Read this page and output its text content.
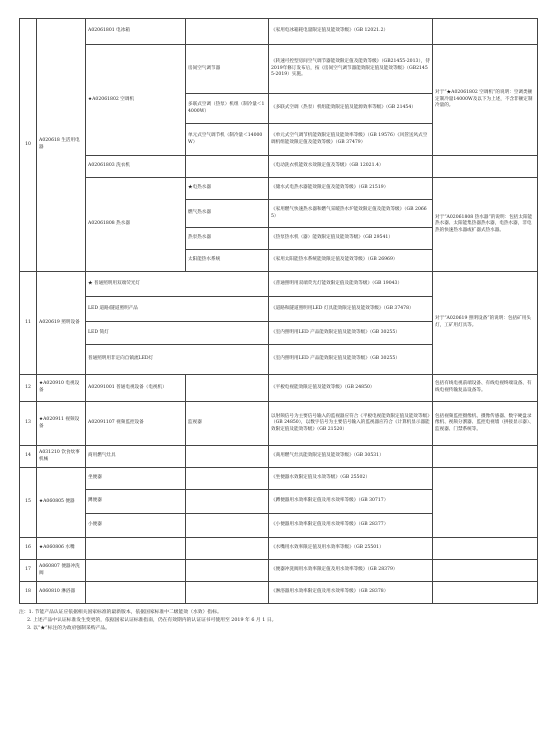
10	A020618 生活用电器	A02061801 电冰箱		《家用电冰箱耗电量限定值及能效等级》（GB 12021.2）	
		★A02061802 空调机	房间空气调节器	《转速可控型房间空气调节器能效限定值及能效等级》（GB21455-2013），待2019年修订发布后，按《房间空气调节器能效限定值及能效等级》（GB21455-2019）实施。	对于“★A02061802 空调机”的说明：空调类额定制冷量14000W及以下为上述，不含非额定制冷量的。
			多联式空调（热泵）机组（制冷量＜14000W）	《多联式空调（热泵）机组能效限定值及能源效率等级》（GB 21454）	
			单元式空气调节机（制冷量＜14000W）	《单元式空气调节机能效限定值及能效率等级》（GB 19576）《风管送风式空调机组能效限定值及能效等级》（GB 37479）	
		A02061803 洗衣机		《电动洗衣机能效水效限定值及等级》（GB 12021.4）	
		A02061808 热水器	★电热水器	《储水式电热水器能效限定值及能效等级》（GB 21519）	对于“A02061808 热水器”的说明：包括太阳能热水器、太阳能集热器热水器，电热水器，非电热的快速热水器或扩器式热水器。
			燃气热水器	《家用燃气快速热水器和燃气采暖热水炉能效限定值及能效等级》（GB 20665）	
			热泵热水器	《热泵热水机（器）能效限定值及能效等级》（GB 29541）	
			太阳能热水系统	《家用太阳能热水系统能效限定值及能效等级》（GB 26969）	

11	A020619 照明设备	★ 普通照明用双端荧光灯		《普通照明用双端荧光灯能效限定值及能效等级》（GB 19043）	对于“A020619 照明设备”的说明：包括矿用头灯，工矿用灯具等。
		LED 道路/隧道照明产品		《道路和隧道照明用LED 灯具能效限定值及能效等级》（GB 37478）	
		LED 筒灯		《室内照明用LED 产品能效限定值及能效等级》（GB 30255）	
		普通照明用非定向自镇流LED灯		《室内照明用LED 产品能效限定值及能效等级》（GB 30255）	
12	★A020910 电视设备	A02091001 普通电视设备（电视机）		《平板电视能效限定值及能效等级》（GB 24850）	包括有线电视前端设备、有线电视终端设备、有线电视传输复品设备等。
13	★A020911 视频设备	A02091107 视频监控设备	监视器	以射频信号为主要信号输入的监视器应符合《平板电视能效限定值及能效等级》（GB 24850），以数字信号为主要信号输入的监视器应符合《计算机显示器能效限定值及能效等级》（GB 21520）	包括视频监控摄像机、摄像传感器、数字硬盘录像机、视频分割器、监控电视墙（拼接显示器）、监视器、门禁系统等。
14	A031210 饮食炊事机械	商用燃气灶具		《商用燃气灶具能效限定值及能效等级》（GB 30531）	
15	★A060805 便器	坐便器		《坐便器水效限定值及水效等级》（GB 25502）	
		蹲便器		《蹲便器用水效率限定值及用水效率等级》（GB 30717）	
		小便器		《小便器用水效率限定值及用水效率等级》（GB 28377）	
16	★A060806 水嘴			《水嘴用水效率限定值及用水效率等级》（GB 25501）	
17	A060807 便器冲洗阀			《便器冲洗阀用水效率限定值及用水效率等级》（GB 28379）	
18	A060810 淋浴器			《淋浴器用水效率限定值及用水效率等级》（GB 28378）	
注：1. 节能产品认证应依据相关国家标准的最新版本，依据国家标准中二级能效（水效）指标。
2. 上述产品中认证标准发生变更的，依据国家认证标准指南，仍在有效期内的认证证书可使用至 2019 年 6 月 1 日。
3. 以“★”标注的为政府强制采购产品。
